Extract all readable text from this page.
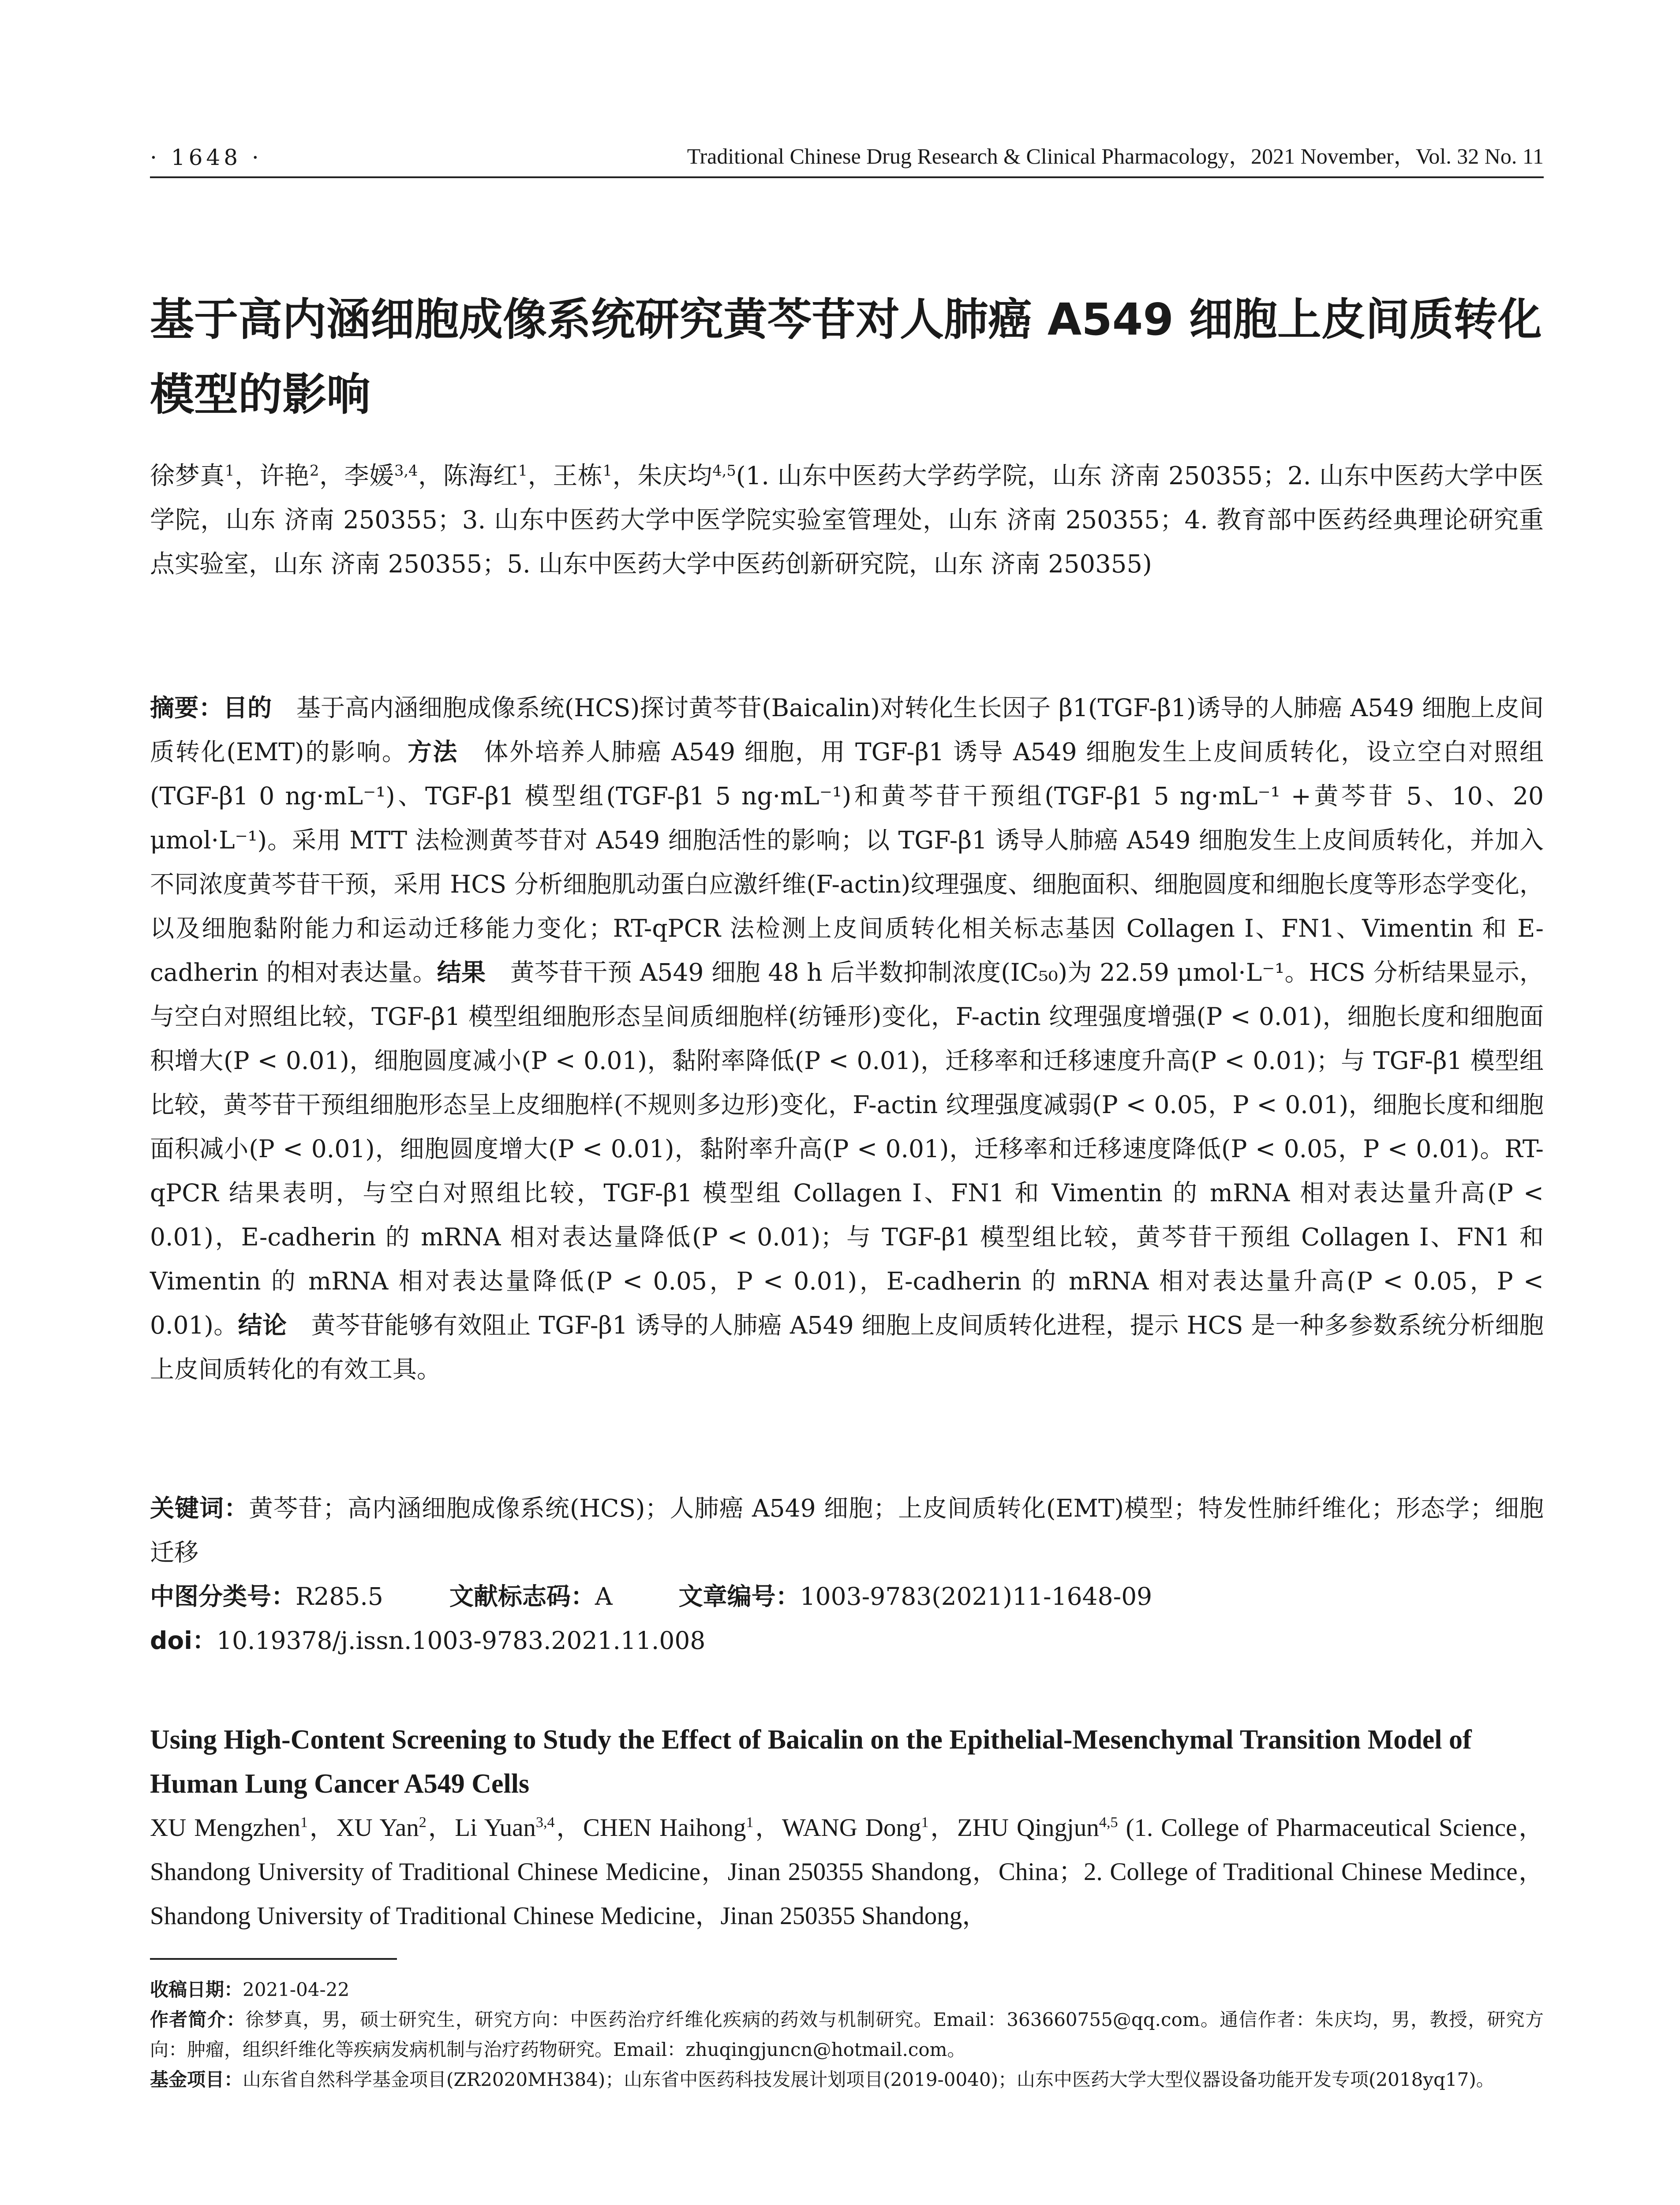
· 1648 ·	Traditional Chinese Drug Research & Clinical Pharmacology，2021 November，Vol. 32 No. 11
基于高内涵细胞成像系统研究黄芩苷对人肺癌 A549 细胞上皮间质转化模型的影响

徐梦真$^1$，许艳$^2$，李媛$^{3,4}$，陈海红$^1$，王栋$^1$，朱庆均$^{4,5}$(1. 山东中医药大学药学院，山东 济南 250355；2. 山东中医药大学中医学院，山东 济南 250355；3. 山东中医药大学中医学院实验室管理处，山东 济南 250355；4. 教育部中医药经典理论研究重点实验室，山东 济南 250355；5. 山东中医药大学中医药创新研究院，山东 济南 250355)

摘要：目的  基于高内涵细胞成像系统(HCS)探讨黄芩苷(Baicalin)对转化生长因子 β1(TGF-β1)诱导的人肺癌 A549 细胞上皮间质转化(EMT)的影响。方法  体外培养人肺癌 A549 细胞，用 TGF-β1 诱导 A549 细胞发生上皮间质转化，设立空白对照组(TGF-β1 0 ng·mL⁻¹)、TGF-β1 模型组(TGF-β1 5 ng·mL⁻¹)和黄芩苷干预组(TGF-β1 5 ng·mL⁻¹ +黄芩苷 5、10、20 μmol·L⁻¹)。采用 MTT 法检测黄芩苷对 A549 细胞活性的影响；以 TGF-β1 诱导人肺癌 A549 细胞发生上皮间质转化，并加入不同浓度黄芩苷干预，采用 HCS 分析细胞肌动蛋白应激纤维(F-actin)纹理强度、细胞面积、细胞圆度和细胞长度等形态学变化，以及细胞黏附能力和运动迁移能力变化；RT-qPCR 法检测上皮间质转化相关标志基因 Collagen I、FN1、Vimentin 和 E-cadherin 的相对表达量。结果  黄芩苷干预 A549 细胞 48 h 后半数抑制浓度(IC₅₀)为 22.59 μmol·L⁻¹。HCS 分析结果显示，与空白对照组比较，TGF-β1 模型组细胞形态呈间质细胞样(纺锤形)变化，F-actin 纹理强度增强(P < 0.01)，细胞长度和细胞面积增大(P < 0.01)，细胞圆度减小(P < 0.01)，黏附率降低(P < 0.01)，迁移率和迁移速度升高(P < 0.01)；与 TGF-β1 模型组比较，黄芩苷干预组细胞形态呈上皮细胞样(不规则多边形)变化，F-actin 纹理强度减弱(P < 0.05，P < 0.01)，细胞长度和细胞面积减小(P < 0.01)，细胞圆度增大(P < 0.01)，黏附率升高(P < 0.01)，迁移率和迁移速度降低(P < 0.05，P < 0.01)。RT-qPCR 结果表明，与空白对照组比较，TGF-β1 模型组 Collagen Ⅰ、FN1 和 Vimentin 的 mRNA 相对表达量升高(P < 0.01)，E-cadherin 的 mRNA 相对表达量降低(P < 0.01)；与 TGF-β1 模型组比较，黄芩苷干预组 Collagen I、FN1 和 Vimentin 的 mRNA 相对表达量降低(P < 0.05，P < 0.01)，E-cadherin 的 mRNA 相对表达量升高(P < 0.05，P < 0.01)。结论  黄芩苷能够有效阻止 TGF-β1 诱导的人肺癌 A549 细胞上皮间质转化进程，提示 HCS 是一种多参数系统分析细胞上皮间质转化的有效工具。

关键词：黄芩苷；高内涵细胞成像系统(HCS)；人肺癌 A549 细胞；上皮间质转化(EMT)模型；特发性肺纤维化；形态学；细胞迁移

中图分类号：R285.5	文献标志码：A	文章编号：1003-9783(2021)11-1648-09

doi：10.19378/j.issn.1003-9783.2021.11.008

Using High-Content Screening to Study the Effect of Baicalin on the Epithelial-Mesenchymal Transition Model of Human Lung Cancer A549 Cells

XU Mengzhen$^1$，XU Yan$^2$，Li Yuan$^{3,4}$，CHEN Haihong$^1$，WANG Dong$^1$，ZHU Qingjun$^{4,5}$ (1. College of Pharmaceutical Science，Shandong University of Traditional Chinese Medicine，Jinan 250355 Shandong，China；2. College of Traditional Chinese Medince，Shandong University of Traditional Chinese Medicine，Jinan 250355 Shandong，

收稿日期：2021-04-22

作者简介：徐梦真，男，硕士研究生，研究方向：中医药治疗纤维化疾病的药效与机制研究。Email：363660755@qq.com。通信作者：朱庆均，男，教授，研究方向：肿瘤，组织纤维化等疾病发病机制与治疗药物研究。Email：zhuqingjuncn@hotmail.com。

基金项目：山东省自然科学基金项目(ZR2020MH384)；山东省中医药科技发展计划项目(2019-0040)；山东中医药大学大型仪器设备功能开发专项(2018yq17)。
